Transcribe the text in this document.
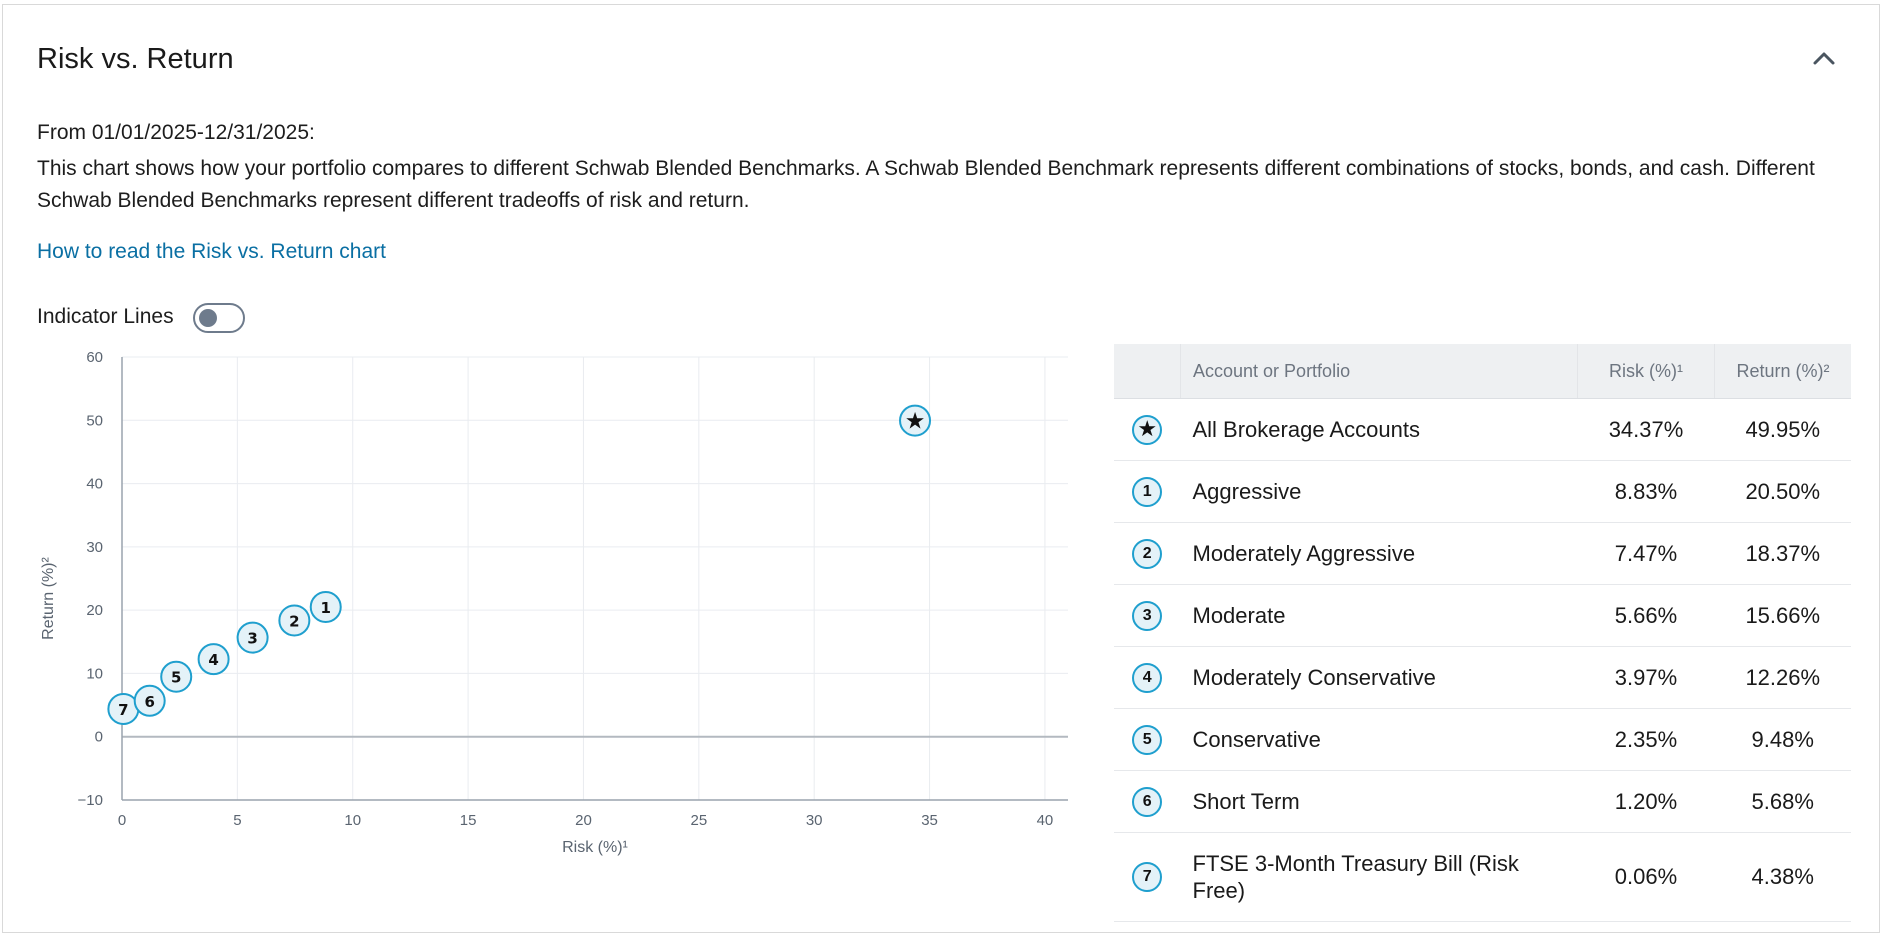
Risk vs. Return
From 01/01/2025-12/31/2025:
This chart shows how your portfolio compares to different Schwab Blended Benchmarks. A Schwab Blended Benchmark represents different combinations of stocks, bonds, and cash. Different Schwab Blended Benchmarks represent different tradeoffs of risk and return.
How to read the Risk vs. Return chart
Indicator Lines
0	5	10	15	20	25	30	35	40
−10
0
10
20
30
40
50
60
Risk (%)¹
Return (%)²
7 6
5
4
3
2
1
★
	Account or Portfolio	Risk (%)¹	Return (%)²
★	All Brokerage Accounts	34.37%	49.95%
1	Aggressive	8.83%	20.50%
2	Moderately Aggressive	7.47%	18.37%
3	Moderate	5.66%	15.66%
4	Moderately Conservative	3.97%	12.26%
5	Conservative	2.35%	9.48%
6	Short Term	1.20%	5.68%
7	FTSE 3-Month Treasury Bill (Risk Free)	0.06%	4.38%
